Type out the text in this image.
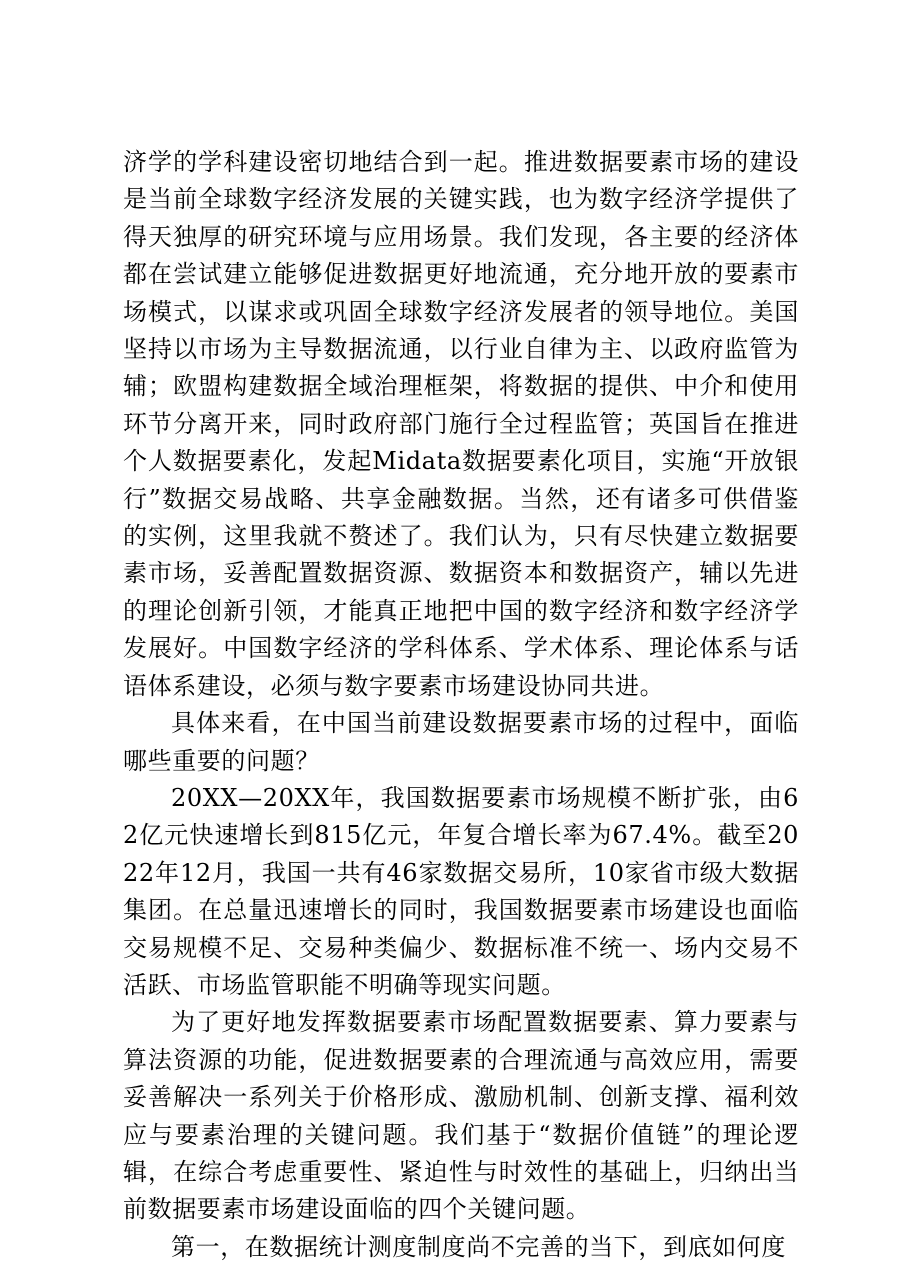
济学的学科建设密切地结合到一起。推进数据要素市场的建设是当前全球数字经济发展的关键实践，也为数字经济学提供了得天独厚的研究环境与应用场景。我们发现，各主要的经济体都在尝试建立能够促进数据更好地流通，充分地开放的要素市场模式，以谋求或巩固全球数字经济发展者的领导地位。美国坚持以市场为主导数据流通，以行业自律为主、以政府监管为辅；欧盟构建数据全域治理框架，将数据的提供、中介和使用环节分离开来，同时政府部门施行全过程监管；英国旨在推进个人数据要素化，发起Midata数据要素化项目，实施“开放银行”数据交易战略、共享金融数据。当然，还有诸多可供借鉴的实例，这里我就不赘述了。我们认为，只有尽快建立数据要素市场，妥善配置数据资源、数据资本和数据资产，辅以先进的理论创新引领，才能真正地把中国的数字经济和数字经济学发展好。中国数字经济的学科体系、学术体系、理论体系与话语体系建设，必须与数字要素市场建设协同共进。

具体来看，在中国当前建设数据要素市场的过程中，面临哪些重要的问题？

20XX—20XX年，我国数据要素市场规模不断扩张，由62亿元快速增长到815亿元，年复合增长率为67.4%。截至2022年12月，我国一共有46家数据交易所，10家省市级大数据集团。在总量迅速增长的同时，我国数据要素市场建设也面临交易规模不足、交易种类偏少、数据标准不统一、场内交易不活跃、市场监管职能不明确等现实问题。

为了更好地发挥数据要素市场配置数据要素、算力要素与算法资源的功能，促进数据要素的合理流通与高效应用，需要妥善解决一系列关于价格形成、激励机制、创新支撑、福利效应与要素治理的关键问题。我们基于“数据价值链”的理论逻辑，在综合考虑重要性、紧迫性与时效性的基础上，归纳出当前数据要素市场建设面临的四个关键问题。

第一，在数据统计测度制度尚不完善的当下，到底如何度
